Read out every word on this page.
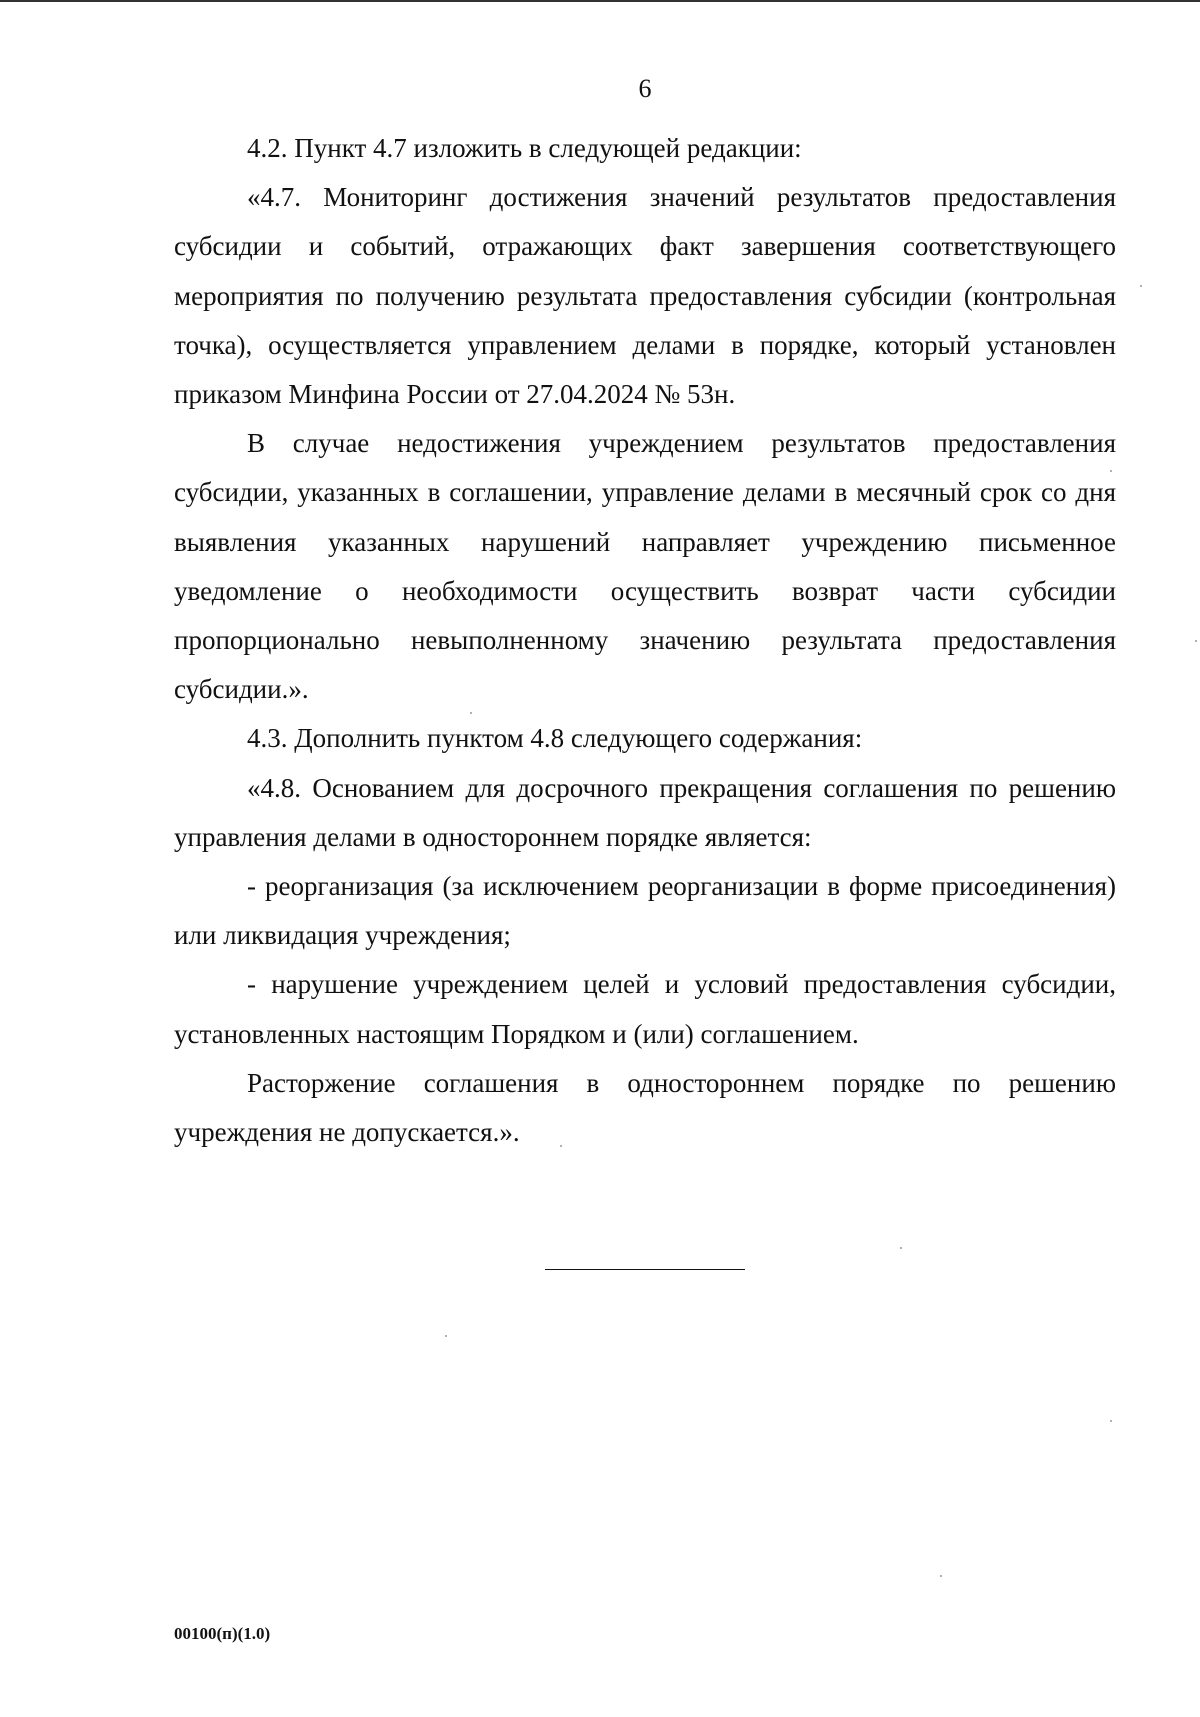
6

4.2. Пункт 4.7 изложить в следующей редакции:

«4.7. Мониторинг достижения значений результатов предоставления субсидии и событий, отражающих факт завершения соответствующего мероприятия по получению результата предоставления субсидии (контрольная точка), осуществляется управлением делами в порядке, который установлен приказом Минфина России от 27.04.2024 № 53н.

В случае недостижения учреждением результатов предоставления субсидии, указанных в соглашении, управление делами в месячный срок со дня выявления указанных нарушений направляет учреждению письменное уведомление о необходимости осуществить возврат части субсидии пропорционально невыполненному значению результата предоставления субсидии.».

4.3. Дополнить пунктом 4.8 следующего содержания:

«4.8. Основанием для досрочного прекращения соглашения по решению управления делами в одностороннем порядке является:

- реорганизация (за исключением реорганизации в форме присоединения) или ликвидация учреждения;

- нарушение учреждением целей и условий предоставления субсидии, установленных настоящим Порядком и (или) соглашением.

Расторжение соглашения в одностороннем порядке по решению учреждения не допускается.».

00100(п)(1.0)
